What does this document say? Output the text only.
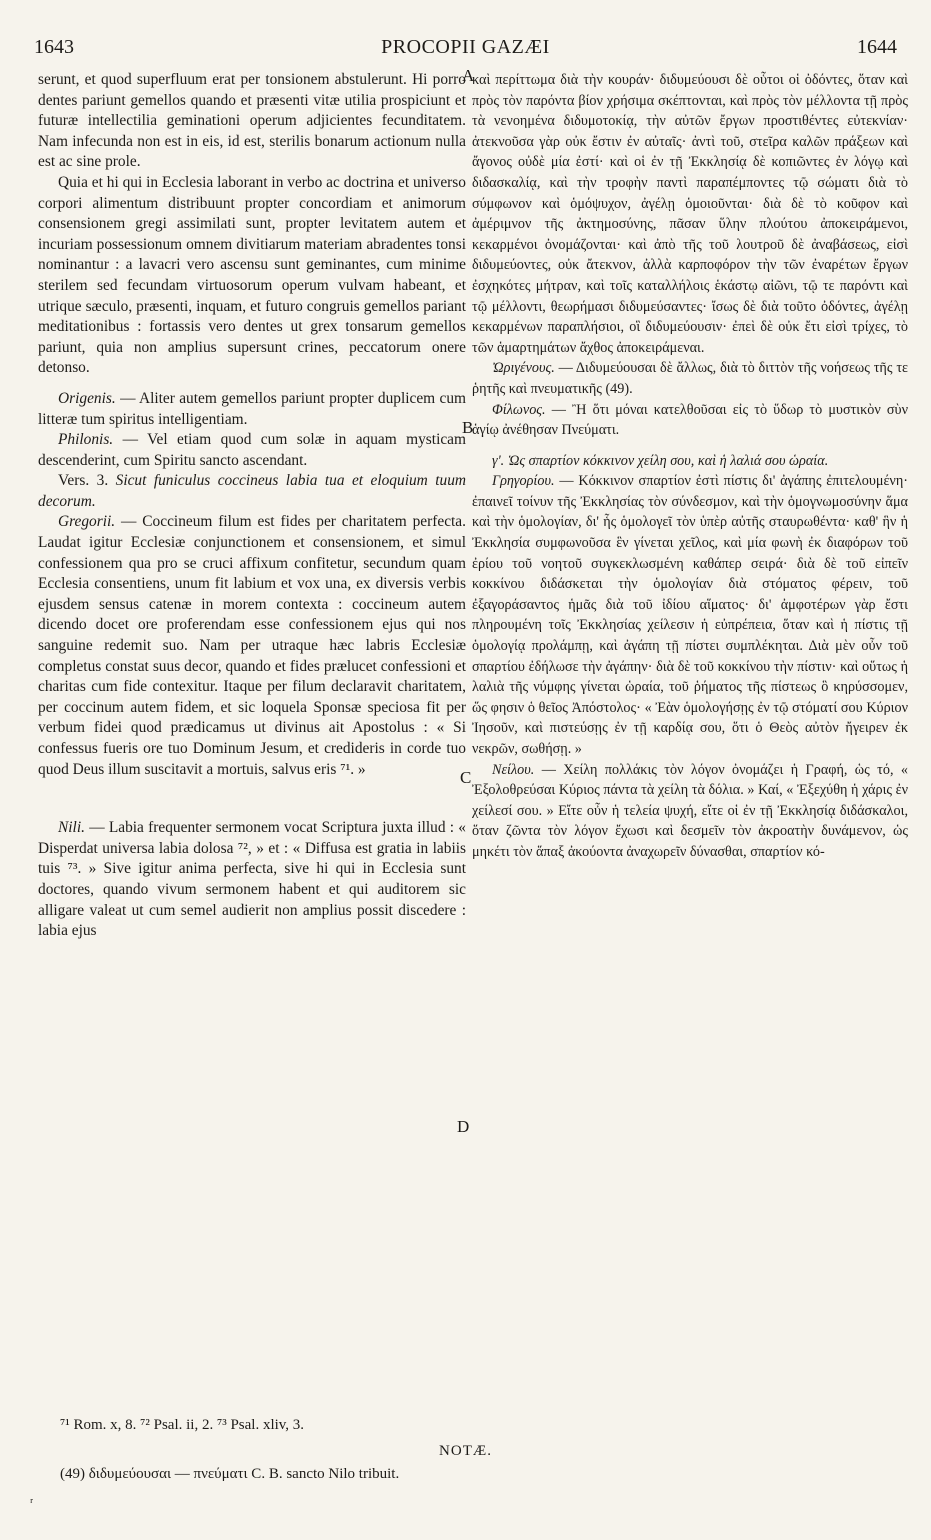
1643	PROCOPII GAZÆI	1644

serunt, et quod superfluum erat per tonsionem abstulerunt. Hi porro dentes pariunt gemellos quando et præsenti vitæ utilia prospiciunt et futuræ intellectilia geminationi operum adjicientes fecunditatem. Nam infecunda non est in eis, id est, sterilis bonarum actionum nulla est ac sine prole.

Quia et hi qui in Ecclesia laborant in verbo ac doctrina et universo corpori alimentum distribuunt propter concordiam et animorum consensionem gregi assimilati sunt, propter levitatem autem et incuriam possessionum omnem divitiarum materiam abradentes tonsi nominantur : a lavacri vero ascensu sunt geminantes, cum minime sterilem sed fecundam virtuosorum operum vulvam habeant, et utrique sæculo, præsenti, inquam, et futuro congruis gemellos pariant meditationibus : fortassis vero dentes ut grex tonsarum gemellos pariunt, quia non amplius supersunt crines, peccatorum onere detonso.

Origenis. — Aliter autem gemellos pariunt propter duplicem cum litteræ tum spiritus intelligentiam.

Philonis. — Vel etiam quod cum solæ in aquam mysticam descenderint, cum Spiritu sancto ascendant.

Vers. 3. Sicut funiculus coccineus labia tua et eloquium tuum decorum.

Gregorii. — Coccineum filum est fides per charitatem perfecta. Laudat igitur Ecclesiæ conjunctionem et consensionem, et simul confessionem qua pro se cruci affixum confitetur, secundum quam Ecclesia consentiens, unum fit labium et vox una, ex diversis verbis ejusdem sensus catenæ in morem contexta : coccineum autem dicendo docet ore proferendam esse confessionem ejus qui nos sanguine redemit suo. Nam per utraque hæc labris Ecclesiæ completus constat suus decor, quando et fides prælucet confessioni et charitas cum fide contexitur. Itaque per filum declaravit charitatem, per coccinum autem fidem, et sic loquela Sponsæ speciosa fit per verbum fidei quod prædicamus ut divinus ait Apostolus : « Si confessus fueris ore tuo Dominum Jesum, et credideris in corde tuo quod Deus illum suscitavit a mortuis, salvus eris ⁷¹. »

Nili. — Labia frequenter sermonem vocat Scriptura juxta illud : « Disperdat universa labia dolosa ⁷², » et : « Diffusa est gratia in labiis tuis ⁷³. » Sive igitur anima perfecta, sive hi qui in Ecclesia sunt doctores, quando vivum sermonem habent et qui auditorem sic alligare valeat ut cum semel audierit non amplius possit discedere : labia ejus

καὶ περίττωμα διὰ τὴν κουράν· διδυμεύουσι δὲ οὗτοι οἱ ὀδόντες, ὅταν καὶ πρὸς τὸν παρόντα βίον χρήσιμα σκέπτονται, καὶ πρὸς τὸν μέλλοντα τῇ πρὸς τὰ νενοημένα διδυμοτοκίᾳ, τὴν αὐτῶν ἔργων προστιθέντες εὐτεκνίαν· ἀτεκνοῦσα γὰρ οὐκ ἔστιν ἐν αὐταῖς· ἀντὶ τοῦ, στεῖρα καλῶν πράξεων καὶ ἄγονος οὐδὲ μία ἐστί· καὶ οἱ ἐν τῇ Ἐκκλησίᾳ δὲ κοπιῶντες ἐν λόγῳ καὶ διδασκαλίᾳ, καὶ τὴν τροφὴν παντὶ παραπέμποντες τῷ σώματι διὰ τὸ σύμφωνον καὶ ὁμόψυχον, ἀγέλῃ ὁμοιοῦνται· διὰ δὲ τὸ κοῦφον καὶ ἀμέριμνον τῆς ἀκτημοσύνης, πᾶσαν ὕλην πλούτου ἀποκειράμενοι, κεκαρμένοι ὀνομάζονται· καὶ ἀπὸ τῆς τοῦ λουτροῦ δὲ ἀναβάσεως, εἰσὶ διδυμεύοντες, οὐκ ἄτεκνον, ἀλλὰ καρποφόρον τὴν τῶν ἐναρέτων ἔργων ἐσχηκότες μήτραν, καὶ τοῖς καταλλήλοις ἑκάστῳ αἰῶνι, τῷ τε παρόντι καὶ τῷ μέλλοντι, θεωρήμασι διδυμεύσαντες· ἴσως δὲ διὰ τοῦτο ὀδόντες, ἀγέλῃ κεκαρμένων παραπλήσιοι, οἳ διδυμεύουσιν· ἐπεὶ δὲ οὐκ ἔτι εἰσὶ τρίχες, τὸ τῶν ἁμαρτημάτων ἄχθος ἀποκειράμεναι.

Ὠριγένους. — Διδυμεύουσαι δὲ ἄλλως, διὰ τὸ διττὸν τῆς νοήσεως τῆς τε ῥητῆς καὶ πνευματικῆς (49).

Φίλωνος. — Ἢ ὅτι μόναι κατελθοῦσαι εἰς τὸ ὕδωρ τὸ μυστικὸν σὺν ἁγίῳ ἀνέθησαν Πνεύματι.

γ'. Ὡς σπαρτίον κόκκινον χείλη σου, καὶ ἡ λαλιά σου ὡραία.

Γρηγορίου. — Κόκκινον σπαρτίον ἐστὶ πίστις δι' ἀγάπης ἐπιτελουμένη· ἐπαινεῖ τοίνυν τῆς Ἐκκλησίας τὸν σύνδεσμον, καὶ τὴν ὁμογνωμοσύνην ἅμα καὶ τὴν ὁμολογίαν, δι' ἧς ὁμολογεῖ τὸν ὑπὲρ αὐτῆς σταυρωθέντα· καθ' ἣν ἡ Ἐκκλησία συμφωνοῦσα ἓν γίνεται χεῖλος, καὶ μία φωνὴ ἐκ διαφόρων τοῦ ἐρίου τοῦ νοητοῦ συγκεκλωσμένη καθάπερ σειρά· διὰ δὲ τοῦ εἰπεῖν κοκκίνου διδάσκεται τὴν ὁμολογίαν διὰ στόματος φέρειν, τοῦ ἐξαγοράσαντος ἡμᾶς διὰ τοῦ ἰδίου αἵματος· δι' ἀμφοτέρων γὰρ ἔστι πληρουμένη τοῖς Ἐκκλησίας χείλεσιν ἡ εὐπρέπεια, ὅταν καὶ ἡ πίστις τῇ ὁμολογίᾳ προλάμπῃ, καὶ ἀγάπη τῇ πίστει συμπλέκηται. Διὰ μὲν οὖν τοῦ σπαρτίου ἐδήλωσε τὴν ἀγάπην· διὰ δὲ τοῦ κοκκίνου τὴν πίστιν· καὶ οὕτως ἡ λαλιὰ τῆς νύμφης γίνεται ὡραία, τοῦ ῥήματος τῆς πίστεως ὃ κηρύσσομεν, ὥς φησιν ὁ θεῖος Ἀπόστολος· « Ἐὰν ὁμολογήσῃς ἐν τῷ στόματί σου Κύριον Ἰησοῦν, καὶ πιστεύσῃς ἐν τῇ καρδίᾳ σου, ὅτι ὁ Θεὸς αὐτὸν ἤγειρεν ἐκ νεκρῶν, σωθήσῃ. »

Νείλου. — Χείλη πολλάκις τὸν λόγον ὀνομάζει ἡ Γραφή, ὡς τό, « Ἐξολοθρεύσαι Κύριος πάντα τὰ χείλη τὰ δόλια. » Καί, « Ἐξεχύθη ἡ χάρις ἐν χείλεσί σου. » Εἴτε οὖν ἡ τελεία ψυχή, εἴτε οἱ ἐν τῇ Ἐκκλησίᾳ διδάσκαλοι, ὅταν ζῶντα τὸν λόγον ἔχωσι καὶ δεσμεῖν τὸν ἀκροατὴν δυνάμενον, ὡς μηκέτι τὸν ἅπαξ ἀκούοντα ἀναχωρεῖν δύνασθαι, σπαρτίον κό-

A
B
C
D
⁷¹ Rom. x, 8. ⁷² Psal. ii, 2. ⁷³ Psal. xliv, 3.
NOTÆ.
(49) διδυμεύουσαι — πνεύματι C. B. sancto Nilo tribuit.
ʳ
